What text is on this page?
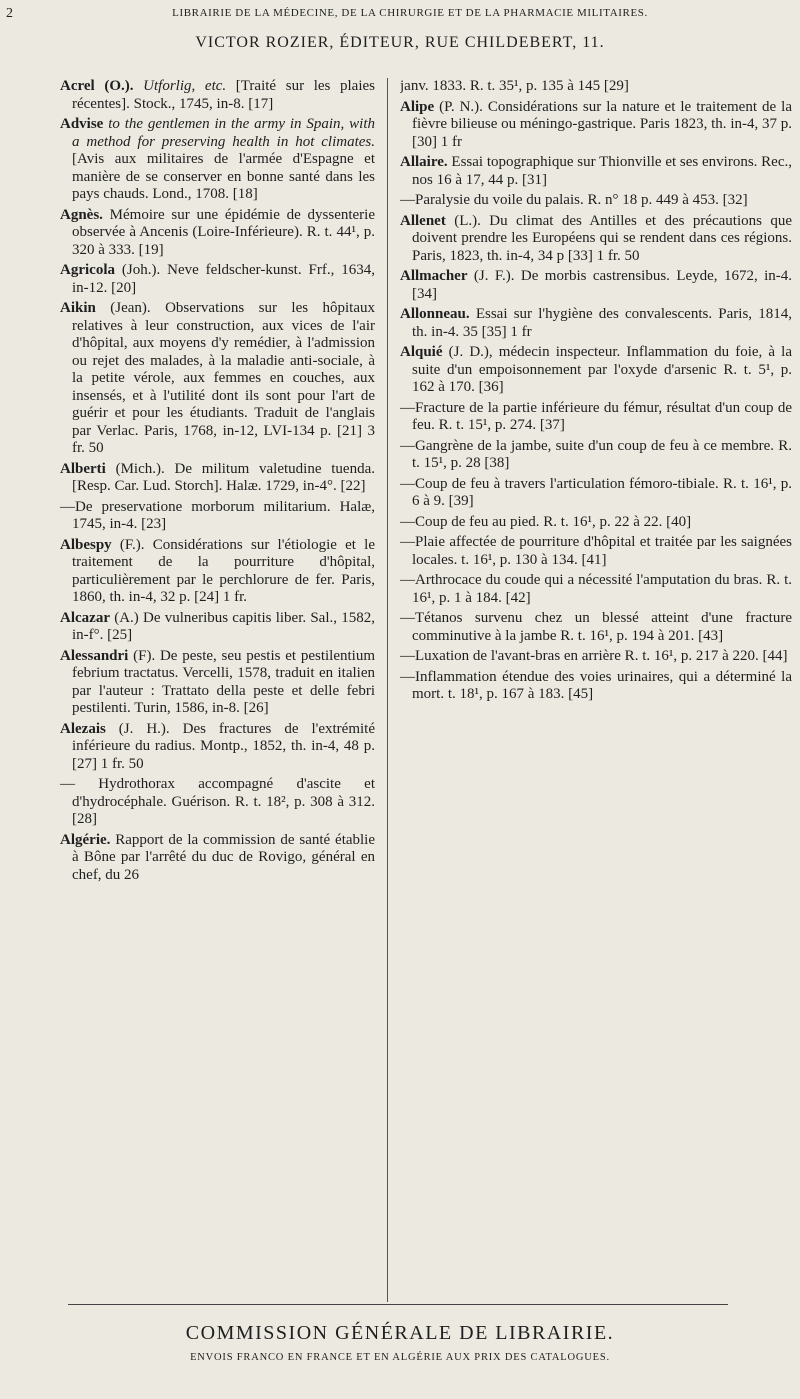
2	LIBRAIRIE DE LA MÉDECINE, DE LA CHIRURGIE ET DE LA PHARMACIE MILITAIRES.
VICTOR ROZIER, ÉDITEUR, RUE CHILDEBERT, 11.

Acrel (O.). Utforlig, etc. [Traité sur les plaies récentes]. Stock., 1745, in-8. [17]

Advise to the gentlemen in the army in Spain, with a method for preserving health in hot climates. [Avis aux militaires de l'armée d'Espagne et manière de se conserver en bonne santé dans les pays chauds. Lond., 1708. [18]

Agnès. Mémoire sur une épidémie de dyssenterie observée à Ancenis (Loire-Inférieure). R. t. 44¹, p. 320 à 333. [19]

Agricola (Joh.). Neve feldscher-kunst. Frf., 1634, in-12. [20]

Aikin (Jean). Observations sur les hôpitaux relatives à leur construction, aux vices de l'air d'hôpital, aux moyens d'y remédier, à l'admission ou rejet des malades, à la maladie anti-sociale, à la petite vérole, aux femmes en couches, aux insensés, et à l'utilité dont ils sont pour l'art de guérir et pour les étudiants. Traduit de l'anglais par Verlac. Paris, 1768, in-12, LVI-134 p. [21] 3 fr. 50

Alberti (Mich.). De militum valetudine tuenda. [Resp. Car. Lud. Storch]. Halæ. 1729, in-4°. [22]

—De preservatione morborum militarium. Halæ, 1745, in-4. [23]

Albespy (F.). Considérations sur l'étiologie et le traitement de la pourriture d'hôpital, particulièrement par le perchlorure de fer. Paris, 1860, th. in-4, 32 p. [24] 1 fr.

Alcazar (A.) De vulneribus capitis liber. Sal., 1582, in-f°. [25]

Alessandri (F). De peste, seu pestis et pestilentium febrium tractatus. Vercelli, 1578, traduit en italien par l'auteur : Trattato della peste et delle febri pestilenti. Turin, 1586, in-8. [26]

Alezais (J. H.). Des fractures de l'extrémité inférieure du radius. Montp., 1852, th. in-4, 48 p. [27] 1 fr. 50

— Hydrothorax accompagné d'ascite et d'hydrocéphale. Guérison. R. t. 18², p. 308 à 312. [28]

Algérie. Rapport de la commission de santé établie à Bône par l'arrêté du duc de Rovigo, général en chef, du 26

janv. 1833. R. t. 35¹, p. 135 à 145 [29]

Alipe (P. N.). Considérations sur la nature et le traitement de la fièvre bilieuse ou méningo-gastrique. Paris 1823, th. in-4, 37 p. [30] 1 fr

Allaire. Essai topographique sur Thionville et ses environs. Rec., nos 16 à 17, 44 p. [31]

—Paralysie du voile du palais. R. n° 18 p. 449 à 453. [32]

Allenet (L.). Du climat des Antilles et des précautions que doivent prendre les Européens qui se rendent dans ces régions. Paris, 1823, th. in-4, 34 p [33] 1 fr. 50

Allmacher (J. F.). De morbis castrensibus. Leyde, 1672, in-4. [34]

Allonneau. Essai sur l'hygiène des convalescents. Paris, 1814, th. in-4. 35 [35] 1 fr

Alquié (J. D.), médecin inspecteur. Inflammation du foie, à la suite d'un empoisonnement par l'oxyde d'arsenic R. t. 5¹, p. 162 à 170. [36]

—Fracture de la partie inférieure du fémur, résultat d'un coup de feu. R. t. 15¹, p. 274. [37]

—Gangrène de la jambe, suite d'un coup de feu à ce membre. R. t. 15¹, p. 28 [38]

—Coup de feu à travers l'articulation fémoro-tibiale. R. t. 16¹, p. 6 à 9. [39]

—Coup de feu au pied. R. t. 16¹, p. 22 à 22. [40]

—Plaie affectée de pourriture d'hôpital et traitée par les saignées locales. t. 16¹, p. 130 à 134. [41]

—Arthrocace du coude qui a nécessité l'amputation du bras. R. t. 16¹, p. 1 à 184. [42]

—Tétanos survenu chez un blessé atteint d'une fracture comminutive à la jambe R. t. 16¹, p. 194 à 201. [43]

—Luxation de l'avant-bras en arrière R. t. 16¹, p. 217 à 220. [44]

—Inflammation étendue des voies urinaires, qui a déterminé la mort. t. 18¹, p. 167 à 183. [45]

COMMISSION GÉNÉRALE DE LIBRAIRIE.
ENVOIS FRANCO EN FRANCE ET EN ALGÉRIE AUX PRIX DES CATALOGUES.
